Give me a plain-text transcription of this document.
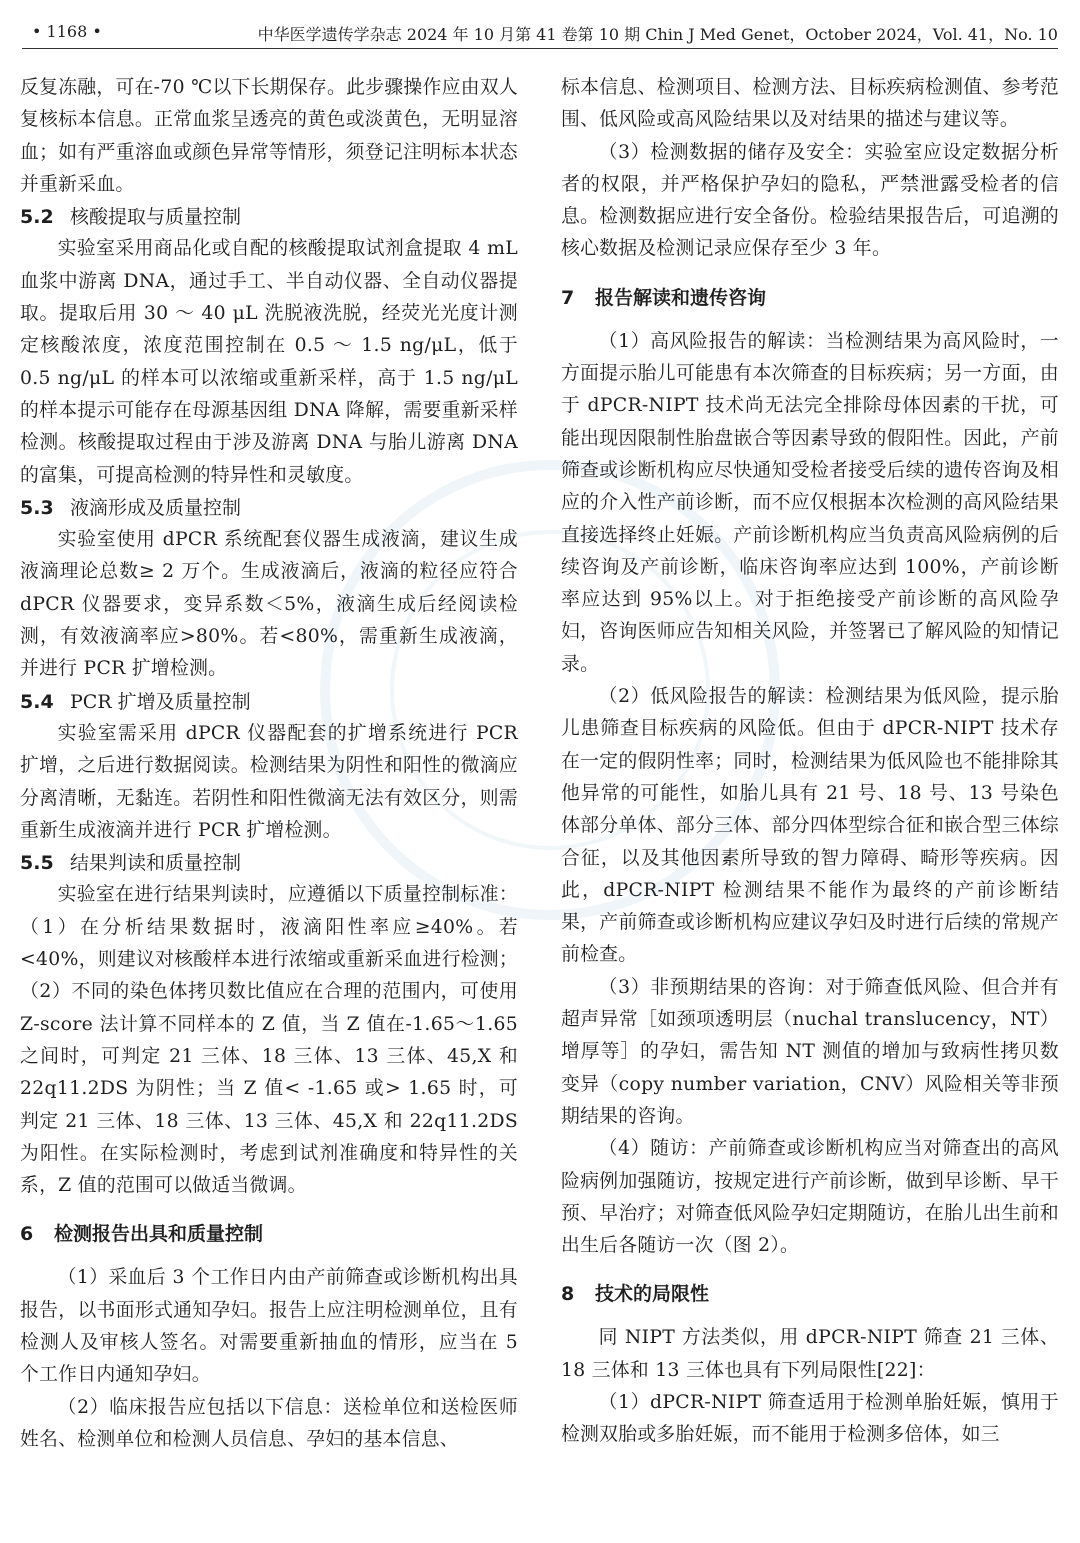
• 1168 •	中华医学遗传学杂志 2024 年 10 月第 41 卷第 10 期 Chin J Med Genet，October 2024，Vol. 41，No. 10

反复冻融，可在-70 ℃以下长期保存。此步骤操作应由双人复核标本信息。正常血浆呈透亮的黄色或淡黄色，无明显溶血；如有严重溶血或颜色异常等情形，须登记注明标本状态并重新采血。

5.2 核酸提取与质量控制

实验室采用商品化或自配的核酸提取试剂盒提取 4 mL 血浆中游离 DNA，通过手工、半自动仪器、全自动仪器提取。提取后用 30 ～ 40 μL 洗脱液洗脱，经荧光光度计测定核酸浓度，浓度范围控制在 0.5 ～ 1.5 ng/μL，低于 0.5 ng/μL 的样本可以浓缩或重新采样，高于 1.5 ng/μL 的样本提示可能存在母源基因组 DNA 降解，需要重新采样检测。核酸提取过程由于涉及游离 DNA 与胎儿游离 DNA 的富集，可提高检测的特异性和灵敏度。

5.3 液滴形成及质量控制

实验室使用 dPCR 系统配套仪器生成液滴，建议生成液滴理论总数≥ 2 万个。生成液滴后，液滴的粒径应符合 dPCR 仪器要求，变异系数＜5%，液滴生成后经阅读检测，有效液滴率应>80%。若<80%，需重新生成液滴，并进行 PCR 扩增检测。

5.4 PCR 扩增及质量控制

实验室需采用 dPCR 仪器配套的扩增系统进行 PCR 扩增，之后进行数据阅读。检测结果为阴性和阳性的微滴应分离清晰，无黏连。若阴性和阳性微滴无法有效区分，则需重新生成液滴并进行 PCR 扩增检测。

5.5 结果判读和质量控制

实验室在进行结果判读时，应遵循以下质量控制标准：（1）在分析结果数据时，液滴阳性率应≥40%。若<40%，则建议对核酸样本进行浓缩或重新采血进行检测；（2）不同的染色体拷贝数比值应在合理的范围内，可使用 Z-score 法计算不同样本的 Z 值，当 Z 值在-1.65～1.65 之间时，可判定 21 三体、18 三体、13 三体、45,X 和 22q11.2DS 为阴性；当 Z 值< -1.65 或> 1.65 时，可判定 21 三体、18 三体、13 三体、45,X 和 22q11.2DS 为阳性。在实际检测时，考虑到试剂准确度和特异性的关系，Z 值的范围可以做适当微调。

6 检测报告出具和质量控制

（1）采血后 3 个工作日内由产前筛查或诊断机构出具报告，以书面形式通知孕妇。报告上应注明检测单位，且有检测人及审核人签名。对需要重新抽血的情形，应当在 5 个工作日内通知孕妇。

（2）临床报告应包括以下信息：送检单位和送检医师姓名、检测单位和检测人员信息、孕妇的基本信息、

标本信息、检测项目、检测方法、目标疾病检测值、参考范围、低风险或高风险结果以及对结果的描述与建议等。

（3）检测数据的储存及安全：实验室应设定数据分析者的权限，并严格保护孕妇的隐私，严禁泄露受检者的信息。检测数据应进行安全备份。检验结果报告后，可追溯的核心数据及检测记录应保存至少 3 年。

7 报告解读和遗传咨询

（1）高风险报告的解读：当检测结果为高风险时，一方面提示胎儿可能患有本次筛查的目标疾病；另一方面，由于 dPCR-NIPT 技术尚无法完全排除母体因素的干扰，可能出现因限制性胎盘嵌合等因素导致的假阳性。因此，产前筛查或诊断机构应尽快通知受检者接受后续的遗传咨询及相应的介入性产前诊断，而不应仅根据本次检测的高风险结果直接选择终止妊娠。产前诊断机构应当负责高风险病例的后续咨询及产前诊断，临床咨询率应达到 100%，产前诊断率应达到 95%以上。对于拒绝接受产前诊断的高风险孕妇，咨询医师应告知相关风险，并签署已了解风险的知情记录。

（2）低风险报告的解读：检测结果为低风险，提示胎儿患筛查目标疾病的风险低。但由于 dPCR-NIPT 技术存在一定的假阴性率；同时，检测结果为低风险也不能排除其他异常的可能性，如胎儿具有 21 号、18 号、13 号染色体部分单体、部分三体、部分四体型综合征和嵌合型三体综合征，以及其他因素所导致的智力障碍、畸形等疾病。因此，dPCR-NIPT 检测结果不能作为最终的产前诊断结果，产前筛查或诊断机构应建议孕妇及时进行后续的常规产前检查。

（3）非预期结果的咨询：对于筛查低风险、但合并有超声异常［如颈项透明层（nuchal translucency，NT）增厚等］的孕妇，需告知 NT 测值的增加与致病性拷贝数变异（copy number variation，CNV）风险相关等非预期结果的咨询。

（4）随访：产前筛查或诊断机构应当对筛查出的高风险病例加强随访，按规定进行产前诊断，做到早诊断、早干预、早治疗；对筛查低风险孕妇定期随访，在胎儿出生前和出生后各随访一次（图 2）。

8 技术的局限性

同 NIPT 方法类似，用 dPCR-NIPT 筛查 21 三体、18 三体和 13 三体也具有下列局限性[22]：

（1）dPCR-NIPT 筛查适用于检测单胎妊娠，慎用于检测双胎或多胎妊娠，而不能用于检测多倍体，如三
